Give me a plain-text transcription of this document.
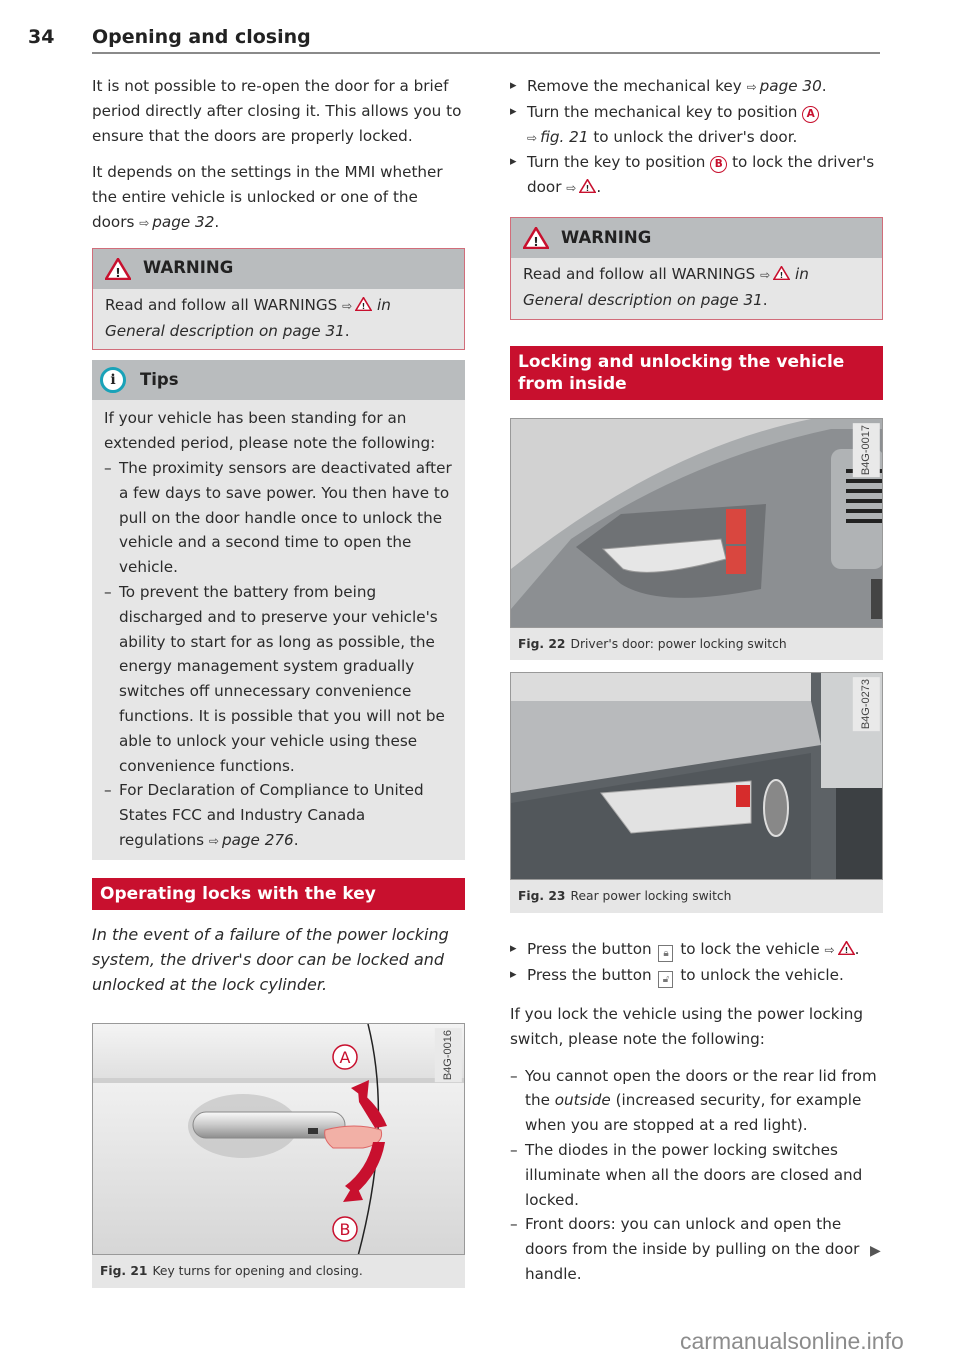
34 Opening and closing

It is not possible to re-open the door for a brief period directly after closing it. This allows you to ensure that the doors are properly locked.

It depends on the settings in the MMI whether the entire vehicle is unlocked or one of the doors ⇨ page 32.

! WARNING
Read and follow all WARNINGS ⇨ ! in General description on page 31.
i	Tips
If your vehicle has been standing for an extended period, please note the following:
– The proximity sensors are deactivated after a few days to save power. You then have to pull on the door handle once to unlock the vehicle and a second time to open the vehicle.
– To prevent the battery from being discharged and to preserve your vehicle's ability to start for as long as possible, the energy management system gradually switches off unnecessary convenience functions. It is possible that you will not be able to unlock your vehicle using these convenience functions.
– For Declaration of Compliance to United States FCC and Industry Canada regulations ⇨ page 276.
Operating locks with the key
In the event of a failure of the power locking system, the driver's door can be locked and unlocked at the lock cylinder.
A
B
B4G-0016
Fig. 21 Key turns for opening and closing.
▸ Remove the mechanical key ⇨ page 30.
▸ Turn the mechanical key to position A
⇨ fig. 21 to unlock the driver's door.
▸ Turn the key to position B to lock the driver's door ⇨ ! .
! WARNING
Read and follow all WARNINGS ⇨ ! in General description on page 31.
Locking and unlocking the vehicle from inside
B4G-0017
Fig. 22 Driver's door: power locking switch
B4G-0273
Fig. 23 Rear power locking switch
▸ Press the button 🔒︎ to lock the vehicle ⇨ ! .
▸ Press the button 🔓︎ to unlock the vehicle.

If you lock the vehicle using the power locking switch, please note the following:

– You cannot open the doors or the rear lid from the outside (increased security, for example when you are stopped at a red light).
– The diodes in the power locking switches illuminate when all the doors are closed and locked.
– Front doors: you can unlock and open the doors from the inside by pulling on the door handle.
▶
carmanualsonline.info
